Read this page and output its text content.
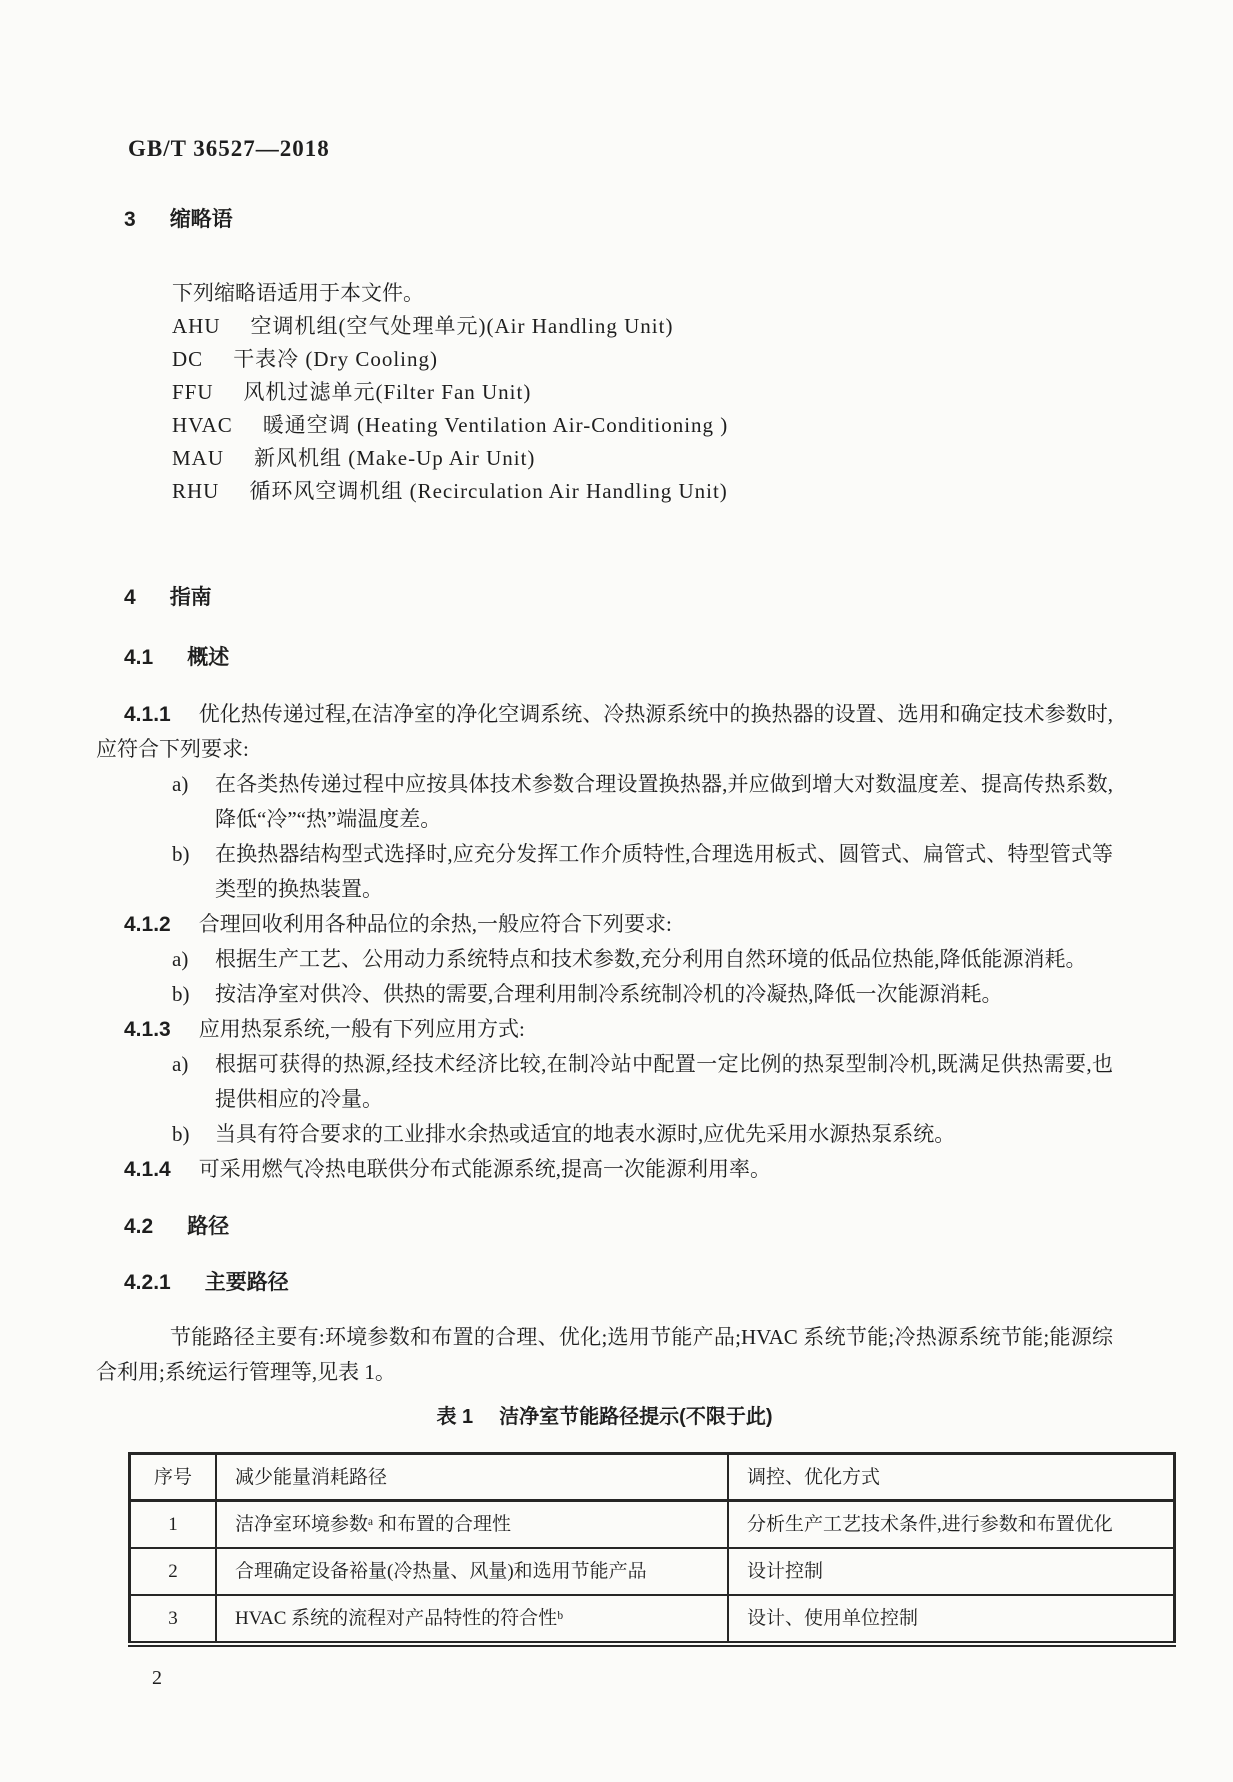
GB/T 36527—2018
3 缩略语

下列缩略语适用于本文件。

AHU 空调机组(空气处理单元)(Air Handling Unit)
DC 干表冷 (Dry Cooling)
FFU 风机过滤单元(Filter Fan Unit)
HVAC 暖通空调 (Heating Ventilation Air-Conditioning )
MAU 新风机组 (Make-Up Air Unit)
RHU 循环风空调机组 (Recirculation Air Handling Unit)
4 指南
4.1 概述

4.1.1 优化热传递过程,在洁净室的净化空调系统、冷热源系统中的换热器的设置、选用和确定技术参数时,应符合下列要求:

a) 在各类热传递过程中应按具体技术参数合理设置换热器,并应做到增大对数温度差、提高传热系数,降低“冷”“热”端温度差。
b) 在换热器结构型式选择时,应充分发挥工作介质特性,合理选用板式、圆管式、扁管式、特型管式等类型的换热装置。

4.1.2 合理回收利用各种品位的余热,一般应符合下列要求:

a) 根据生产工艺、公用动力系统特点和技术参数,充分利用自然环境的低品位热能,降低能源消耗。
b) 按洁净室对供冷、供热的需要,合理利用制冷系统制冷机的冷凝热,降低一次能源消耗。

4.1.3 应用热泵系统,一般有下列应用方式:

a) 根据可获得的热源,经技术经济比较,在制冷站中配置一定比例的热泵型制冷机,既满足供热需要,也提供相应的冷量。
b) 当具有符合要求的工业排水余热或适宜的地表水源时,应优先采用水源热泵系统。

4.1.4 可采用燃气冷热电联供分布式能源系统,提高一次能源利用率。

4.2 路径
4.2.1 主要路径

节能路径主要有:环境参数和布置的合理、优化;选用节能产品;HVAC 系统节能;冷热源系统节能;能源综合利用;系统运行管理等,见表 1。

表 1 洁净室节能路径提示(不限于此)
序号	减少能量消耗路径	调控、优化方式
1	洁净室环境参数ᵃ 和布置的合理性	分析生产工艺技术条件,进行参数和布置优化
2	合理确定设备裕量(冷热量、风量)和选用节能产品	设计控制
3	HVAC 系统的流程对产品特性的符合性ᵇ	设计、使用单位控制
2
